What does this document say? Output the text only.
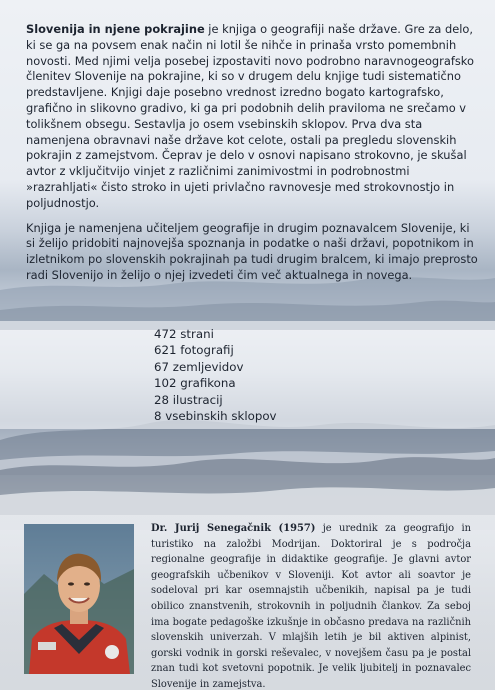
Slovenija in njene pokrajine je knjiga o geografiji naše države. Gre za delo, ki se ga na povsem enak način ni lotil še nihče in prinaša vrsto pomembnih novosti. Med njimi velja posebej izpostaviti novo podrobno naravnogeografsko členitev Slovenije na pokrajine, ki so v drugem delu knjige tudi sistematično predstavljene. Knjigi daje posebno vrednost izredno bogato kartografsko, grafično in slikovno gradivo, ki ga pri podobnih delih praviloma ne srečamo v tolikšnem obsegu. Sestavlja jo osem vsebinskih sklopov. Prva dva sta namenjena obravnavi naše države kot celote, ostali pa pregledu slovenskih pokrajin z zamejstvom. Čeprav je delo v osnovi napisano strokovno, je skušal avtor z vključitvijo vinjet z različnimi zanimivostmi in podrobnostmi »razrahljati« čisto stroko in ujeti privlačno ravnovesje med strokovnostjo in poljudnostjo.

Knjiga je namenjena učiteljem geografije in drugim poznavalcem Slovenije, ki si želijo pridobiti najnovejša spoznanja in podatke o naši državi, popotnikom in izletnikom po slovenskih pokrajinah pa tudi drugim bralcem, ki imajo preprosto radi Slovenijo in želijo o njej izvedeti čim več aktualnega in novega.

472 strani
621 fotografij
67 zemljevidov
102 grafikona
28 ilustracij
8 vsebinskih sklopov
Dr. Jurij Senegačnik (1957) je urednik za geografijo in turistiko na založbi Modrijan. Doktoriral je s področja regionalne geografije in didaktike geografije. Je glavni avtor geografskih učbenikov v Sloveniji. Kot avtor ali soavtor je sodeloval pri kar osemnajstih učbenikih, napisal pa je tudi obilico znanstvenih, strokovnih in poljudnih člankov. Za seboj ima bogate pedagoške izkušnje in občasno predava na različnih slovenskih univerzah. V mlajših letih je bil aktiven alpinist, gorski vodnik in gorski reševalec, v novejšem času pa je postal znan tudi kot svetovni popotnik. Je velik ljubitelj in poznavalec Slovenije in zamejstva.
